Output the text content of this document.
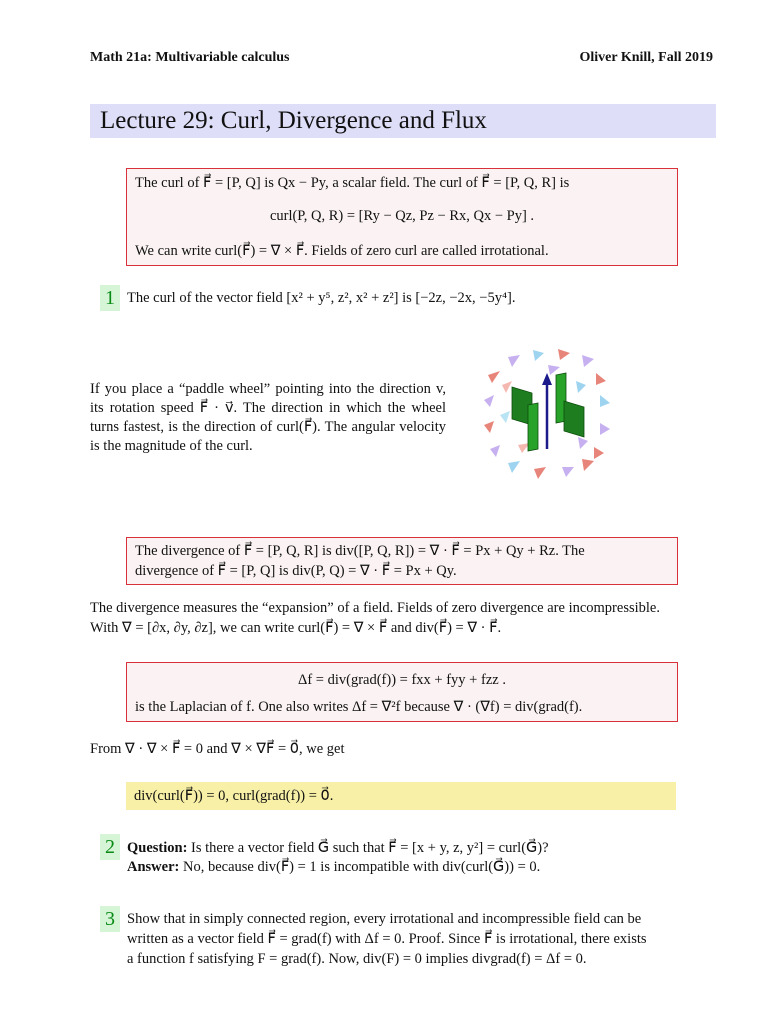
Math 21a: Multivariable calculus	Oliver Knill, Fall 2019
Lecture 29: Curl, Divergence and Flux
The curl of F⃗ = [P, Q] is Qx − Py, a scalar field. The curl of F⃗ = [P, Q, R] is
curl(P, Q, R) = [Ry − Qz, Pz − Rx, Qx − Py] .
We can write curl(F⃗) = ∇ × F⃗. Fields of zero curl are called irrotational.
1 The curl of the vector field [x² + y⁵, z², x² + z²] is [−2z, −2x, −5y⁴].
If you place a “paddle wheel” pointing into the direction v, its rotation speed F⃗ · v⃗. The direction in which the wheel turns fastest, is the direction of curl(F⃗). The angular velocity is the magnitude of the curl.
The divergence of F⃗ = [P, Q, R] is div([P, Q, R]) = ∇ · F⃗ = Px + Qy + Rz. The
divergence of F⃗ = [P, Q] is div(P, Q) = ∇ · F⃗ = Px + Qy.
The divergence measures the “expansion” of a field. Fields of zero divergence are incompressible.
With ∇ = [∂x, ∂y, ∂z], we can write curl(F⃗) = ∇ × F⃗ and div(F⃗) = ∇ · F⃗.
Δf = div(grad(f)) = fxx + fyy + fzz .
is the Laplacian of f. One also writes Δf = ∇²f because ∇ · (∇f) = div(grad(f).
From ∇ · ∇ × F⃗ = 0 and ∇ × ∇F⃗ = 0⃗, we get
div(curl(F⃗)) = 0, curl(grad(f)) = 0⃗.
2 Question: Is there a vector field G⃗ such that F⃗ = [x + y, z, y²] = curl(G⃗)?
Answer: No, because div(F⃗) = 1 is incompatible with div(curl(G⃗)) = 0.
3 Show that in simply connected region, every irrotational and incompressible field can be
written as a vector field F⃗ = grad(f) with Δf = 0. Proof. Since F⃗ is irrotational, there exists
a function f satisfying F = grad(f). Now, div(F) = 0 implies divgrad(f) = Δf = 0.
